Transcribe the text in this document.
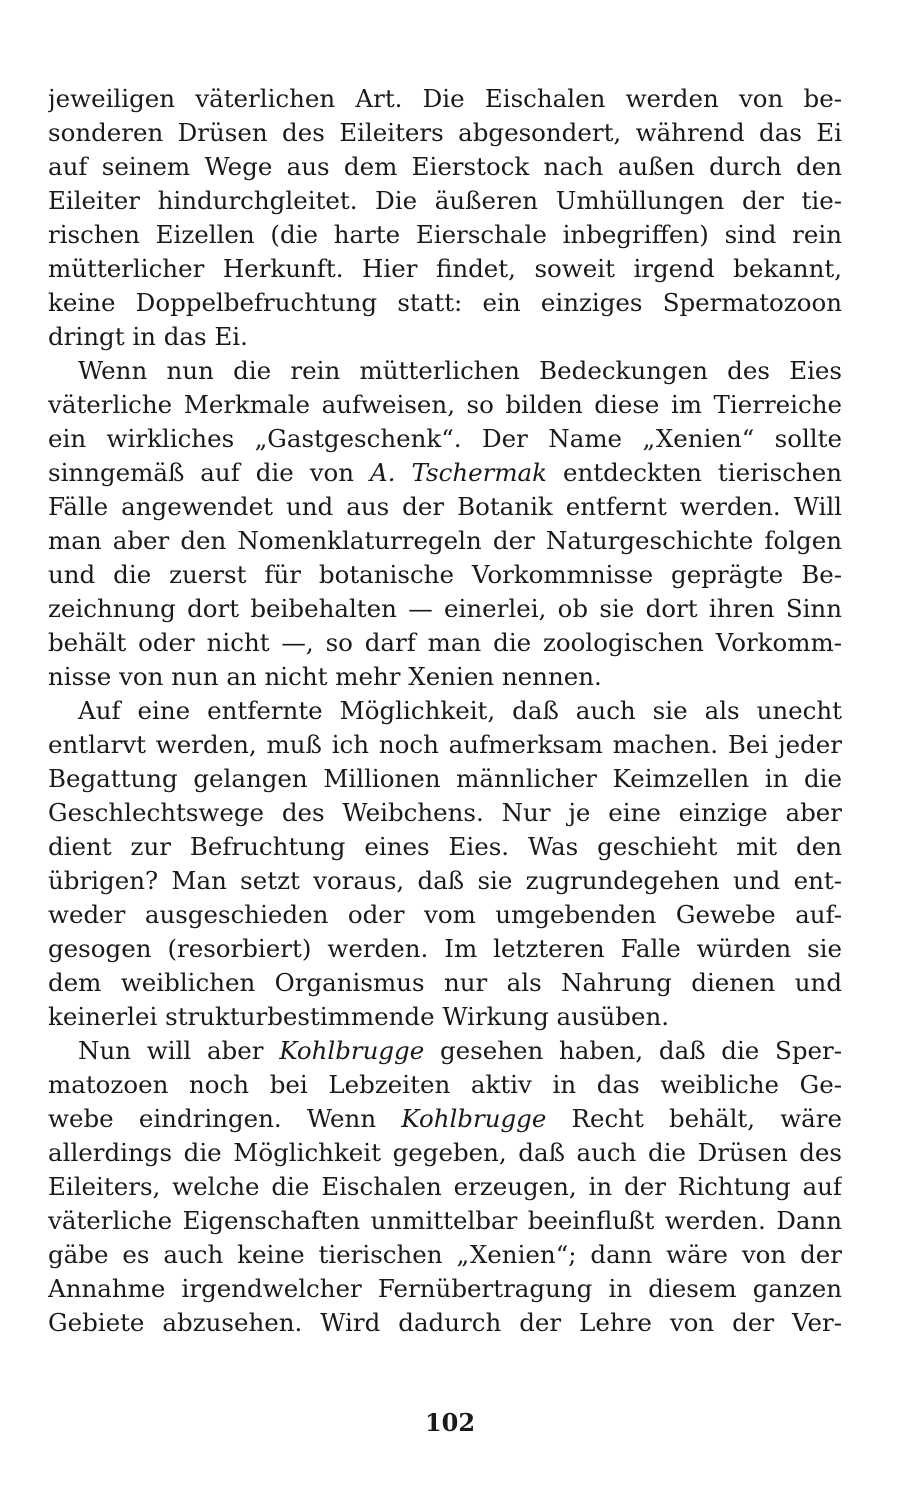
jeweiligen väterlichen Art. Die Eischalen werden von be-
sonderen Drüsen des Eileiters abgesondert, während das Ei
auf seinem Wege aus dem Eierstock nach außen durch den
Eileiter hindurchgleitet. Die äußeren Umhüllungen der tie-
rischen Eizellen (die harte Eierschale inbegriffen) sind rein
mütterlicher Herkunft. Hier findet, soweit irgend bekannt,
keine Doppelbefruchtung statt: ein einziges Spermatozoon
dringt in das Ei.
Wenn nun die rein mütterlichen Bedeckungen des Eies
väterliche Merkmale aufweisen, so bilden diese im Tierreiche
ein wirkliches „Gastgeschenk“. Der Name „Xenien“ sollte
sinngemäß auf die von A. Tschermak entdeckten tierischen
Fälle angewendet und aus der Botanik entfernt werden. Will
man aber den Nomenklaturregeln der Naturgeschichte folgen
und die zuerst für botanische Vorkommnisse geprägte Be-
zeichnung dort beibehalten — einerlei, ob sie dort ihren Sinn
behält oder nicht —, so darf man die zoologischen Vorkomm-
nisse von nun an nicht mehr Xenien nennen.
Auf eine entfernte Möglichkeit, daß auch sie als unecht
entlarvt werden, muß ich noch aufmerksam machen. Bei jeder
Begattung gelangen Millionen männlicher Keimzellen in die
Geschlechtswege des Weibchens. Nur je eine einzige aber
dient zur Befruchtung eines Eies. Was geschieht mit den
übrigen? Man setzt voraus, daß sie zugrundegehen und ent-
weder ausgeschieden oder vom umgebenden Gewebe auf-
gesogen (resorbiert) werden. Im letzteren Falle würden sie
dem weiblichen Organismus nur als Nahrung dienen und
keinerlei strukturbestimmende Wirkung ausüben.
Nun will aber Kohlbrugge gesehen haben, daß die Sper-
matozoen noch bei Lebzeiten aktiv in das weibliche Ge-
webe eindringen. Wenn Kohlbrugge Recht behält, wäre
allerdings die Möglichkeit gegeben, daß auch die Drüsen des
Eileiters, welche die Eischalen erzeugen, in der Richtung auf
väterliche Eigenschaften unmittelbar beeinflußt werden. Dann
gäbe es auch keine tierischen „Xenien“; dann wäre von der
Annahme irgendwelcher Fernübertragung in diesem ganzen
Gebiete abzusehen. Wird dadurch der Lehre von der Ver-
102
